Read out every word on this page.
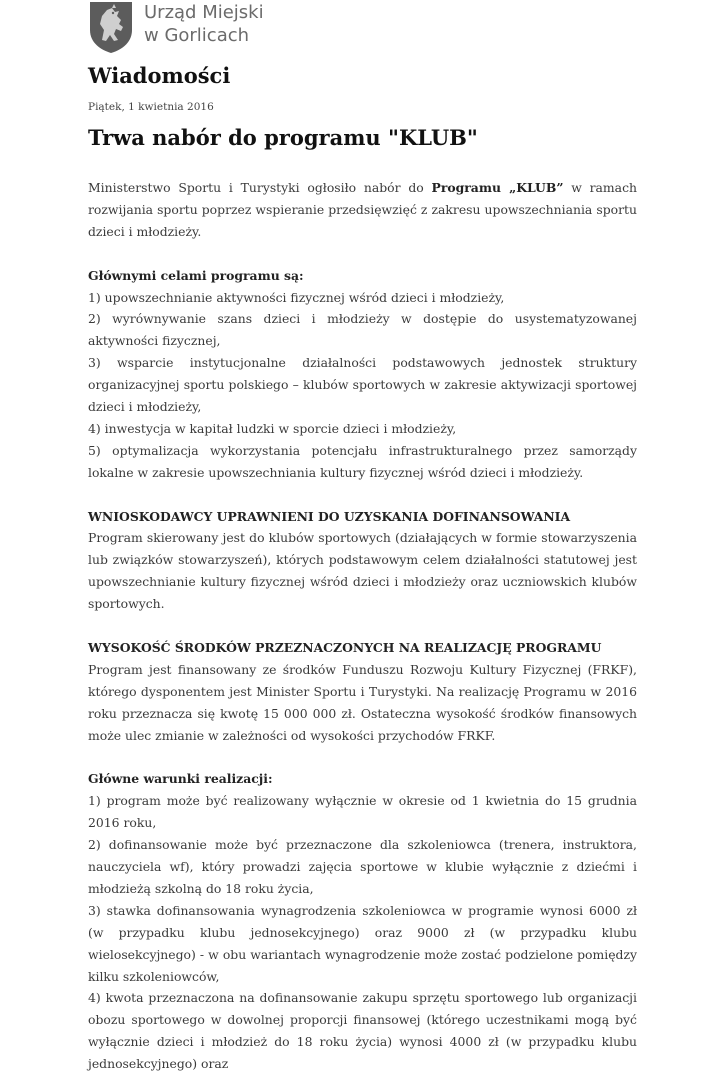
Urząd Miejski
w Gorlicach
Wiadomości
Piątek, 1 kwietnia 2016
Trwa nabór do programu "KLUB"

Ministerstwo Sportu i Turystyki ogłosiło nabór do Programu „KLUB” w ramach rozwijania sportu poprzez wspieranie przedsięwzięć z zakresu upowszechniania sportu dzieci i młodzieży.

Głównymi celami programu są:

1) upowszechnianie aktywności fizycznej wśród dzieci i młodzieży,

2) wyrównywanie szans dzieci i młodzieży w dostępie do usystematyzowanej aktywności fizycznej,

3) wsparcie instytucjonalne działalności podstawowych jednostek struktury organizacyjnej sportu polskiego – klubów sportowych w zakresie aktywizacji sportowej dzieci i młodzieży,

4) inwestycja w kapitał ludzki w sporcie dzieci i młodzieży,

5) optymalizacja wykorzystania potencjału infrastrukturalnego przez samorządy lokalne w zakresie upowszechniania kultury fizycznej wśród dzieci i młodzieży.

WNIOSKODAWCY UPRAWNIENI DO UZYSKANIA DOFINANSOWANIA

Program skierowany jest do klubów sportowych (działających w formie stowarzyszenia lub związków stowarzyszeń), których podstawowym celem działalności statutowej jest upowszechnianie kultury fizycznej wśród dzieci i młodzieży oraz uczniowskich klubów sportowych.

WYSOKOŚĆ ŚRODKÓW PRZEZNACZONYCH NA REALIZACJĘ PROGRAMU

Program jest finansowany ze środków Funduszu Rozwoju Kultury Fizycznej (FRKF), którego dysponentem jest Minister Sportu i Turystyki. Na realizację Programu w 2016 roku przeznacza się kwotę 15 000 000 zł. Ostateczna wysokość środków finansowych może ulec zmianie w zależności od wysokości przychodów FRKF.

Główne warunki realizacji:

1) program może być realizowany wyłącznie w okresie od 1 kwietnia do 15 grudnia 2016 roku,

2) dofinansowanie może być przeznaczone dla szkoleniowca (trenera, instruktora, nauczyciela wf), który prowadzi zajęcia sportowe w klubie wyłącznie z dziećmi i młodzieżą szkolną do 18 roku życia,

3) stawka dofinansowania wynagrodzenia szkoleniowca w programie wynosi 6000 zł (w przypadku klubu jednosekcyjnego) oraz 9000 zł (w przypadku klubu wielosekcyjnego) - w obu wariantach wynagrodzenie może zostać podzielone pomiędzy kilku szkoleniowców,

4) kwota przeznaczona na dofinansowanie zakupu sprzętu sportowego lub organizacji obozu sportowego w dowolnej proporcji finansowej (którego uczestnikami mogą być wyłącznie dzieci i młodzież do 18 roku życia) wynosi 4000 zł (w przypadku klubu jednosekcyjnego) oraz
